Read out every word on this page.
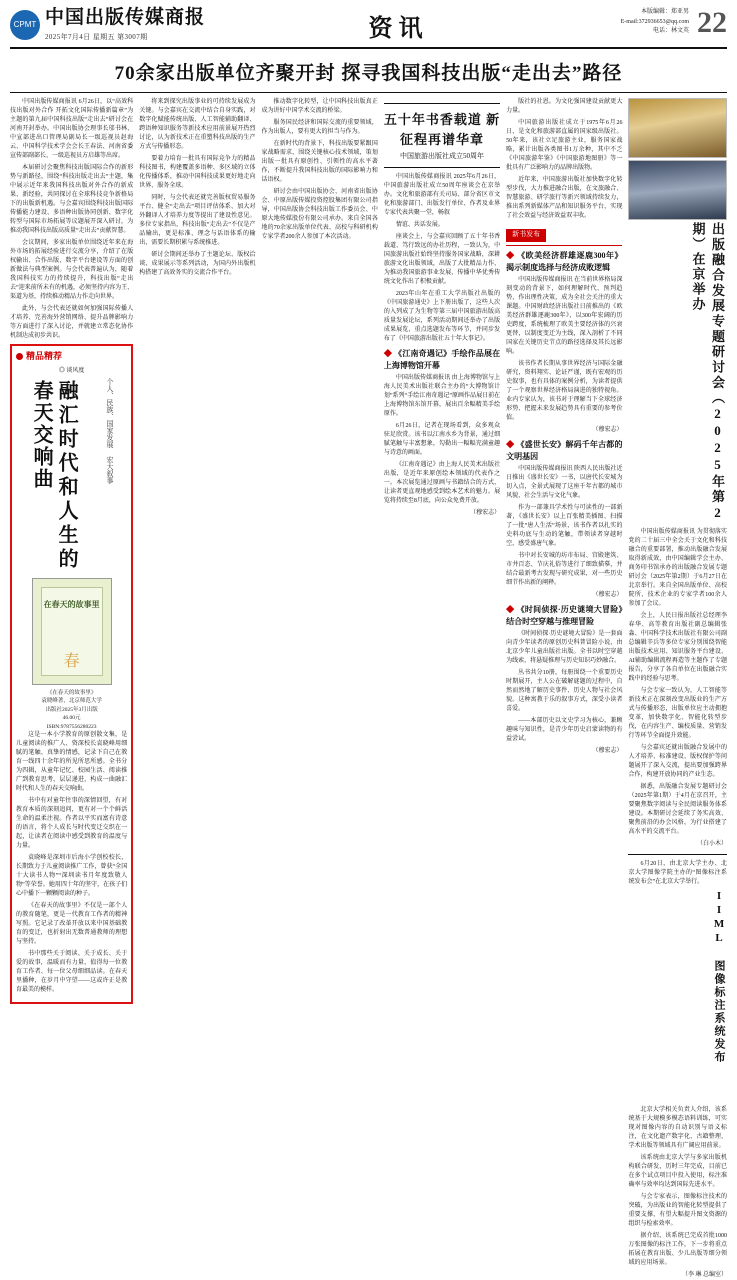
CPMT 中国出版传媒商报
2025年7月4日 星期五 第3007期	资讯
本版编辑：郑亚男
E-mail:372936653@qq.com
电话：林文英 22
70余家出版单位齐聚开封 探寻我国科技出版“走出去”路径

中国出版传媒商报讯 6月26日，以“高效科技出版对外合作 开拓文化国际传播新篇章”为主题的第九届中国科技出版“走出去”研讨会在河南开封举办。中国出版协会理事长邬书林、中宣部进出口管理局副局长一级巡视员赵海云、中国科学技术学会会长王春法、河南省委宣传部副部长、一级巡视员方启雄等出席。

本届研讨会聚焦科技出版国际合作的新形势与新路径，围绕“科技出版走出去”主题，集中展示近年来我国科技出版对外合作的新成果、新经验，共同探讨在全球科技竞争新格局下的出版新机遇。与会嘉宾围绕科技出版国际传播能力建设、多语种出版协同创新、数字化转型与国际市场拓展等议题展开深入研讨，为推动我国科技出版高质量“走出去”贡献智慧。

会议期间，多家出版单位围绕近年来在海外市场的拓展经验进行交流分享，介绍了在版权输出、合作出版、数字平台建设等方面的创新做法与典型案例。与会代表普遍认为，随着我国科技实力的持续提升，科技出版“走出去”迎来前所未有的机遇，必须坚持内容为王、渠道为基，持续推动精品力作走向世界。

此外，与会代表还就如何加强国际传播人才培养、完善海外营销网络、提升品牌影响力等方面进行了深入讨论，并就建立常态化协作机制达成初步共识。

精品精荐
◎ 谈风度
融汇时代和人生的春天交响曲	个人、民族、国家发展 宏大叙事
在春天的故事里
春
《在春天的故事里》
袁晓峰著，北京师范大学
出版社2025年3月出版
46.00元
ISBN:9787556280223

这是一本小学教育的原创散文集，是儿童阅读的推广人、资深校长袁晓峰用细腻的笔触、真挚的情感，记录下自己在教育一线四十余年的所见所思所感。全书分为四辑，从童年记忆、校园生活、阅读推广到教育思考，层层递进，构成一曲融汇时代和人生的春天交响曲。

书中有对童年往事的深情回望，有对教育本质的深刻追问，更有对一个个鲜活生命的温柔注视。作者以平实而富有诗意的语言，将个人成长与时代变迁交织在一起，让读者在阅读中感受到教育的温度与力量。

袁晓峰是深圳市后海小学创校校长，长期致力于儿童阅读推广工作，曾获“全国十大读书人物”“深圳读书月年度致敬人物”等荣誉。她用四十年的坚守，在孩子们心中播下一颗颗阅读的种子。

《在春天的故事里》不仅是一部个人的教育随笔，更是一代教育工作者的精神写照。它记录了改革开放以来中国基础教育的变迁，也折射出无数普通教师的理想与坚持。

书中那些关于阅读、关于成长、关于爱的故事，温暖而有力量，值得每一位教育工作者、每一位父母细细品读。在春天里播种，在岁月中守望——这或许正是教育最美的模样。

将来到探究出版事业的可持续发展成为关键。与会嘉宾在交流中结合自身实践，对数字化赋能传统出版、人工智能辅助翻译、跨语种知识服务等新技术应用前景展开热烈讨论，认为新技术正在重塑科技出版的生产方式与传播形态。

要着力培育一批具有国际竞争力的精品科技图书，构建覆盖多语种、多区域的立体化传播体系，推动中国科技成果更好地走向世界、服务全球。

同时，与会代表还就完善版权贸易服务平台、健全“走出去”项目评估体系、加大对外翻译人才培养力度等提出了建设性意见。多位专家指出，科技出版“走出去”不仅是产品输出，更是标准、理念与话语体系的输出，需要长期积累与系统推进。

研讨会期间还举办了主题论坛、版权洽谈、成果展示等系列活动，为国内外出版机构搭建了高效务实的交流合作平台。

推动数字化转型，让中国科技出版真正成为讲好中国学术交流的桥梁。

服务国民经济和国际交流的重要领域，作为出版人，要有更大的担当与作为。

在新时代的背景下，科技出版要紧跟国家战略需求，围绕关键核心技术领域，策划出版一批具有原创性、引领性的高水平著作，不断提升我国科技出版的国际影响力和话语权。

研讨会由中国出版协会、河南省出版协会、中原出版传媒投资控股集团有限公司指导，中国出版协会科技出版工作委员会、中原大地传媒股份有限公司承办。来自全国各地的70余家出版单位代表、高校与科研机构专家学者200余人参加了本次活动。

五十年书香载道 新征程再谱华章
中国旅游出版社成立50周年

中国出版传媒商报讯 2025年6月26日，中国旅游出版社成立50周年座谈会在京举办。文化和旅游部有关司局、部分省区市文化和旅游部门、出版发行单位、作者及业界专家代表共聚一堂，畅叙

情谊、共话发展。

座谈会上，与会嘉宾回顾了五十年书香载道、笃行致远的办社历程，一致认为，中国旅游出版社始终坚持服务国家战略，深耕旅游文化出版领域，出版了大批精品力作，为推动我国旅游事业发展、传播中华优秀传统文化作出了积极贡献。

2023年山年在重工大学出版社出版的《中国旅游通史》上下册出版了，这些人次的入列成了为生物等第三届中国旅游出版高质量发展论坛，系列活动期间还举办了出版成果展览、重点选题发布等环节，并同步发布了《中国旅游出版社五十年大事记》。

◆ 《江南奇遇记》手绘作品展在上海博物馆开幕

中国出版传媒商报讯 由上海博物馆与上海人民美术出版社联合主办的“大博物馆计划”系列“手绘江南奇遇记”原画作品展日前在上海博物馆东馆开幕，展出百余幅精美手绘原作。

6月26日，记者在现场看到，众多观众驻足欣赏。该书以江南水乡为背景，通过细腻笔触与丰富想象，勾勒出一幅幅充满童趣与诗意的画面。

《江南奇遇记》由上海人民美术出版社出版，是近年来原创绘本领域的代表作之一。本次展览通过原画与书籍结合的方式，让读者更直观地感受到绘本艺术的魅力。展览将持续至8月底，向公众免费开放。

（穆宏志）

版社的社恩。为文化强国建设贡献更大力量。

中国旅游出版社成立于1975年6月26日，是文化和旅游部直属的国家级出版社。50年来，该社立足旅游主业，服务国家战略，累计出版各类图书1万余种，其中不乏《中国旅游年鉴》《中国旅游地图册》等一批具有广泛影响力的品牌出版物。

近年来，中国旅游出版社加快数字化转型步伐，大力推进融合出版，在文旅融合、智慧旅游、研学旅行等新兴领域持续发力，推出系列新媒体产品和知识服务平台，实现了社会效益与经济效益双丰收。

新书发布
◆ 《欧美经济群雄逐鹿300年》揭示制度选择与经济成败逻辑

中国出版传媒商报讯 在当前世界格局深刻变动的背景下，如何理解时代、预判趋势，作出理性决策，成为全社会关注的重大课题。中国财政经济出版社日前推出的《欧美经济群雄逐鹿300年》，以300年宏阔的历史跨度，系统梳理了欧美主要经济体的兴衰更替，以制度变迁为主线，深入剖析了不同国家在关键历史节点的路径选择及其长远影响。

该书作者长期从事世界经济与国际金融研究，资料翔实、论证严谨，既有宏观的历史叙事，也有具体的案例分析，为读者提供了一个观察世界经济格局演进的独特视角。业内专家认为，该书对于理解当下全球经济形势、把握未来发展趋势具有重要的参考价值。

（穆宏志）
◆ 《盛世长安》解码千年古都的文明基因

中国出版传媒商报讯 陕西人民出版社近日推出《盛世长安》一书，以唐代长安城为切入点，全景式展现了这座千年古都的城市风貌、社会生活与文化气象。

作为一部兼具学术性与可读性的一部新著，《盛世长安》以上百张精美插图、扫描了一批“唐人生活”场景，该书作者以扎实的史料功底与生动的笔触，带领读者穿越时空，感受盛唐气象。

书中对长安城的坊市布局、宫殿建筑、市井百态、节庆礼俗等进行了细致描摹，并结合最新考古发现与研究成果，对一些历史细节作出新的阐释。

（穆宏志）
◆ 《时间侦探·历史谜境大冒险》结合时空穿越与推理冒险

《时间侦探·历史谜境大冒险》是一套面向青少年读者的原创历史科普冒险小说，由北京少年儿童出版社出版。全书以时空穿越为线索，将悬疑推理与历史知识巧妙融合。

丛书共分10册，每册围绕一个重要历史时期展开，主人公在破解谜题的过程中，自然而然地了解历史事件、历史人物与社会风貌。这种寓教于乐的叙事方式，深受小读者喜爱。

——本部历史以文史学习为核心，兼顾趣味与知识性，是青少年历史启蒙读物的有益尝试。

（穆宏志）
出版融合发展专题研讨会（2025年第2期）在京举办

中国出版传媒商报讯 为贯彻落实党的二十届三中全会关于文化和科技融合的重要部署，推动出版融合发展取得新成效，由中国编辑学会主办、商务印书馆承办的出版融合发展专题研讨会（2025年第2期）于6月27日在北京举行。来自全国出版单位、高校院所、技术企业的专家学者100余人参加了会议。

会上，人民日报出版社总经理李春华、高等教育出版社副总编辑张淼、中国科学技术出版社有限公司副总编辑辛兵等多位专家分别围绕智能出版技术应用、知识服务平台建设、AI辅助编辑流程再造等主题作了专题报告，分享了各自单位在出版融合实践中的经验与思考。

与会专家一致认为，人工智能等新技术正在深刻改变出版业的生产方式与传播形态，出版单位应主动拥抱变革，加快数字化、智能化转型步伐，在内容生产、编校质量、营销发行等环节全面提升效能。

与会嘉宾还就出版融合发展中的人才培养、标准建设、版权保护等问题展开了深入交流，提出要加强跨界合作，构建开放协同的产业生态。

据悉，出版融合发展专题研讨会（2025年第1期）于4月在京召开，主要聚焦数字阅读与全民阅读服务体系建设。本期研讨会延续了务实高效、聚焦前沿的办会风格，为行业搭建了高水平的交流平台。

（白小木）

6月20日，由北京大学主办、北京大学图像学院主办的“图像标注系统发布会”在北京大学举行。

IIML 图像标注系统发布

北京大学相关负责人介绍，该系统基于大规模多模态语料训练，可实现对图像内容的自动识别与语义标注，在文化遗产数字化、古籍整理、学术出版等领域具有广阔应用前景。

该系统由北京大学与多家出版机构联合研发，历时三年完成，目前已在多个试点项目中投入使用，标注准确率与效率均达到国际先进水平。

与会专家表示，图像标注技术的突破，为出版业的智能化转型提供了重要支撑，有望大幅提升图文资源的组织与检索效率。

据介绍，该系统已完成首批1000万张图像的标注工作，下一步将重点拓展在教育出版、少儿出版等细分领域的应用场景。

（李 琳 总编室）
